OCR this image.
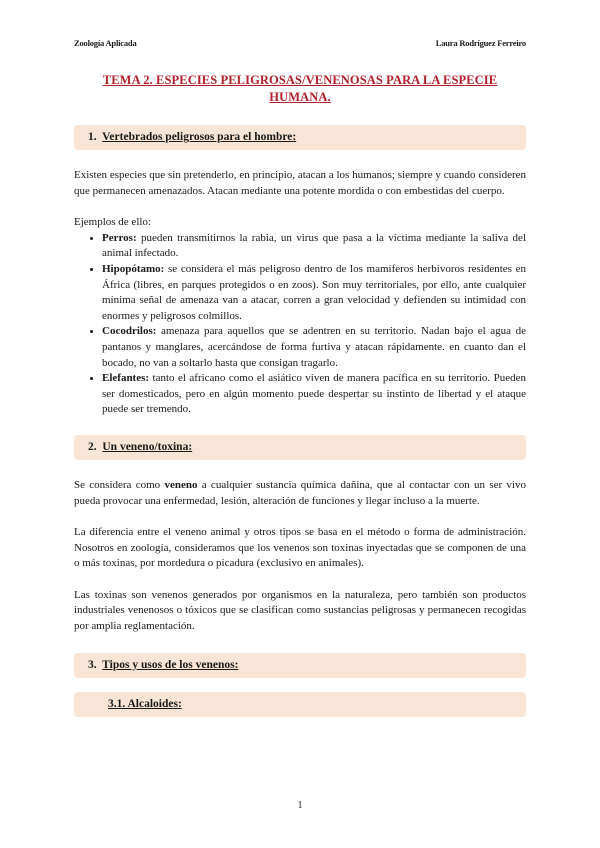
Zoología Aplicada	Laura Rodríguez Ferreiro
TEMA 2. ESPECIES PELIGROSAS/VENENOSAS PARA LA ESPECIE HUMANA.
1. Vertebrados peligrosos para el hombre:

Existen especies que sin pretenderlo, en principio, atacan a los humanos; siempre y cuando consideren que permanecen amenazados. Atacan mediante una potente mordida o con embestidas del cuerpo.

Ejemplos de ello:

• Perros: pueden transmitirnos la rabia, un virus que pasa a la víctima mediante la saliva del animal infectado.
• Hipopótamo: se considera el más peligroso dentro de los mamíferos herbívoros residentes en África (libres, en parques protegidos o en zoos). Son muy territoriales, por ello, ante cualquier mínima señal de amenaza van a atacar, corren a gran velocidad y defienden su intimidad con enormes y peligrosos colmillos.
• Cocodrilos: amenaza para aquellos que se adentren en su territorio. Nadan bajo el agua de pantanos y manglares, acercándose de forma furtiva y atacan rápidamente. en cuanto dan el bocado, no van a soltarlo hasta que consigan tragarlo.
• Elefantes: tanto el africano como el asiático viven de manera pacífica en su territorio. Pueden ser domesticados, pero en algún momento puede despertar su instinto de libertad y el ataque puede ser tremendo.
2. Un veneno/toxina:

Se considera como veneno a cualquier sustancia química dañina, que al contactar con un ser vivo pueda provocar una enfermedad, lesión, alteración de funciones y llegar incluso a la muerte.

La diferencia entre el veneno animal y otros tipos se basa en el método o forma de administración. Nosotros en zoología, consideramos que los venenos son toxinas inyectadas que se componen de una o más toxinas, por mordedura o picadura (exclusivo en animales).

Las toxinas son venenos generados por organismos en la naturaleza, pero también son productos industriales venenosos o tóxicos que se clasifican como sustancias peligrosas y permanecen recogidas por amplia reglamentación.

3. Tipos y usos de los venenos:
3.1. Alcaloides:
1
